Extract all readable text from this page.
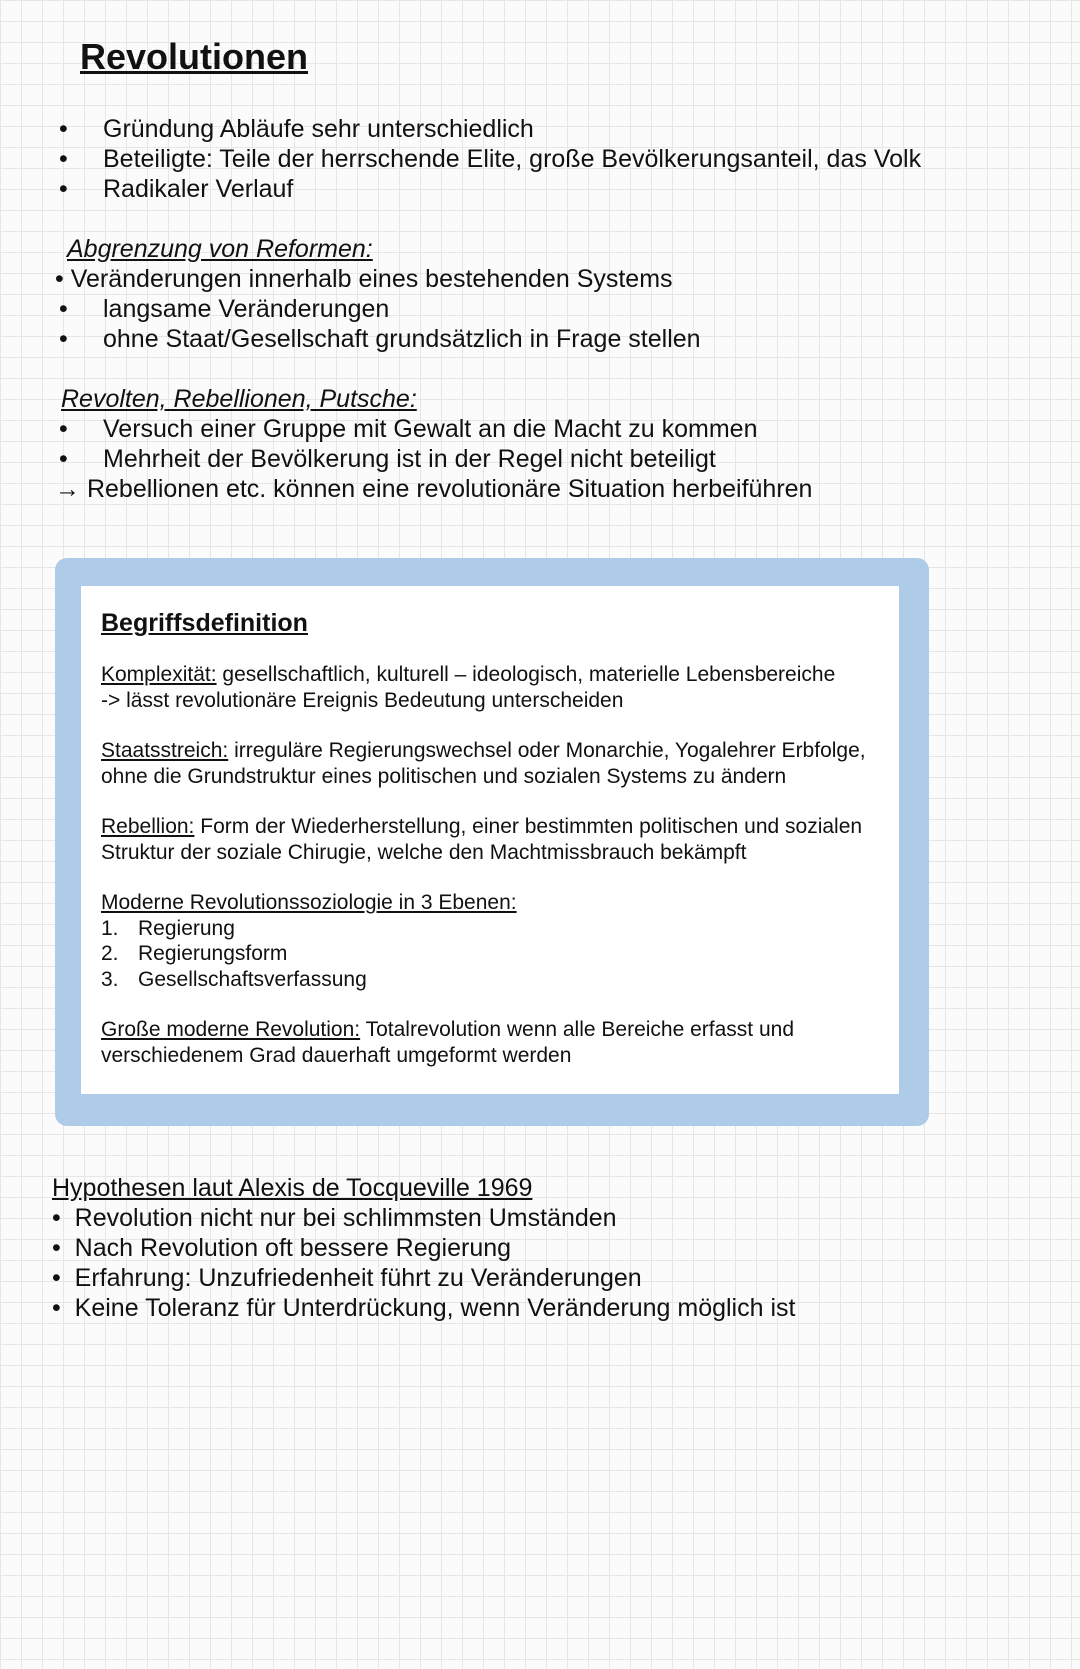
Revolutionen
• Gründung Abläufe sehr unterschiedlich
• Beteiligte: Teile der herrschende Elite, große Bevölkerungsanteil, das Volk
• Radikaler Verlauf
Abgrenzung von Reformen:
• Veränderungen innerhalb eines bestehenden Systems
• langsame Veränderungen
• ohne Staat/Gesellschaft grundsätzlich in Frage stellen
Revolten, Rebellionen, Putsche:
• Versuch einer Gruppe mit Gewalt an die Macht zu kommen
• Mehrheit der Bevölkerung ist in der Regel nicht beteiligt
→ Rebellionen etc. können eine revolutionäre Situation herbeiführen
Begriffsdefinition

Komplexität: gesellschaftlich, kulturell – ideologisch, materielle Lebensbereiche
-> lässt revolutionäre Ereignis Bedeutung unterscheiden

Staatsstreich: irreguläre Regierungswechsel oder Monarchie, Yogalehrer Erbfolge, ohne die Grundstruktur eines politischen und sozialen Systems zu ändern

Rebellion: Form der Wiederherstellung, einer bestimmten politischen und sozialen Struktur der soziale Chirugie, welche den Machtmissbrauch bekämpft

Moderne Revolutionssoziologie in 3 Ebenen:
1. Regierung
2. Regierungsform
3. Gesellschaftsverfassung

Große moderne Revolution: Totalrevolution wenn alle Bereiche erfasst und verschiedenem Grad dauerhaft umgeformt werden

Hypothesen laut Alexis de Tocqueville 1969
• Revolution nicht nur bei schlimmsten Umständen
• Nach Revolution oft bessere Regierung
• Erfahrung: Unzufriedenheit führt zu Veränderungen
• Keine Toleranz für Unterdrückung, wenn Veränderung möglich ist
